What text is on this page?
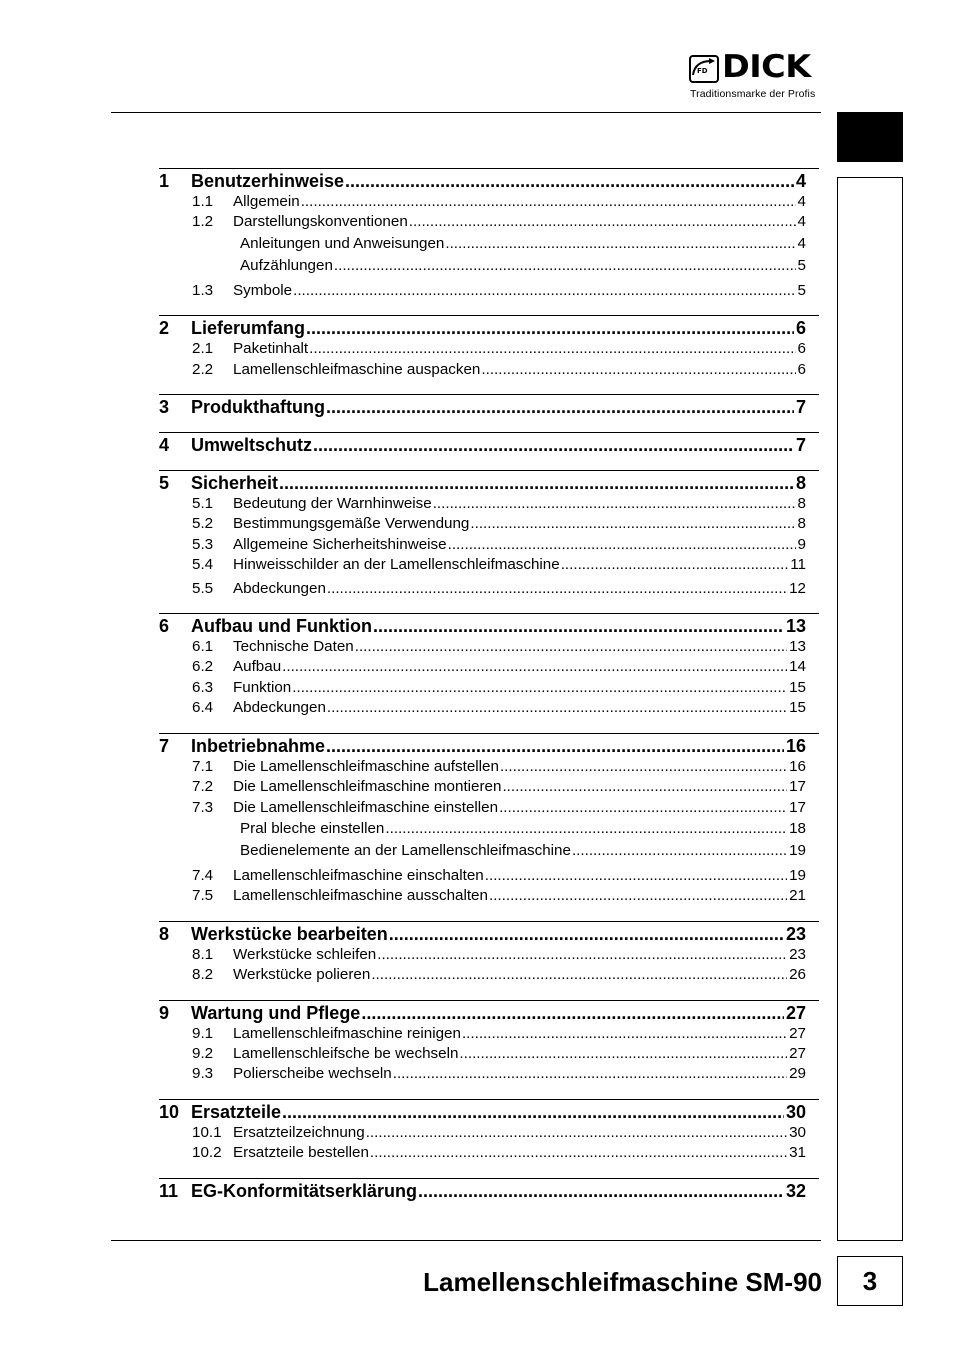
FD DICK
Traditionsmarke der Profis
1	Benutzerhinweise .....	4
1.1	Allgemein .....	4
1.2	Darstellungskonventionen .....	4
Anleitungen und Anweisungen .....	4
Aufzählungen .....	5
1.3	Symbole .....	5
2	Lieferumfang .....	6
2.1	Paketinhalt .....	6
2.2	Lamellenschleifmaschine auspacken .....	6
3	Produkthaftung .....	7
4	Umweltschutz .....	7
5	Sicherheit .....	8
5.1	Bedeutung der Warnhinweise .....	8
5.2	Bestimmungsgemäße Verwendung .....	8
5.3	Allgemeine Sicherheitshinweise .....	9
5.4	Hinweisschilder an der Lamellenschleifmaschine .....	11
5.5	Abdeckungen .....	12
6	Aufbau und Funktion .....	13
6.1	Technische Daten .....	13
6.2	Aufbau .....	14
6.3	Funktion .....	15
6.4	Abdeckungen .....	15
7	Inbetriebnahme .....	16
7.1	Die Lamellenschleifmaschine aufstellen .....	16
7.2	Die Lamellenschleifmaschine montieren .....	17
7.3	Die Lamellenschleifmaschine einstellen .....	17
Pral bleche einstellen .....	18
Bedienelemente an der Lamellenschleifmaschine .....	19
7.4	Lamellenschleifmaschine einschalten .....	19
7.5	Lamellenschleifmaschine ausschalten .....	21
8	Werkstücke bearbeiten .....	23
8.1	Werkstücke schleifen .....	23
8.2	Werkstücke polieren .....	26
9	Wartung und Pflege .....	27
9.1	Lamellenschleifmaschine reinigen .....	27
9.2	Lamellenschleifsche be wechseln .....	27
9.3	Polierscheibe wechseln .....	29
10 Ersatzteile .....	30
10.1 Ersatzteilzeichnung .....	30
10.2 Ersatzteile bestellen .....	31
11 EG-Konformitätserklärung .....	32
Lamellenschleifmaschine SM-90 3
